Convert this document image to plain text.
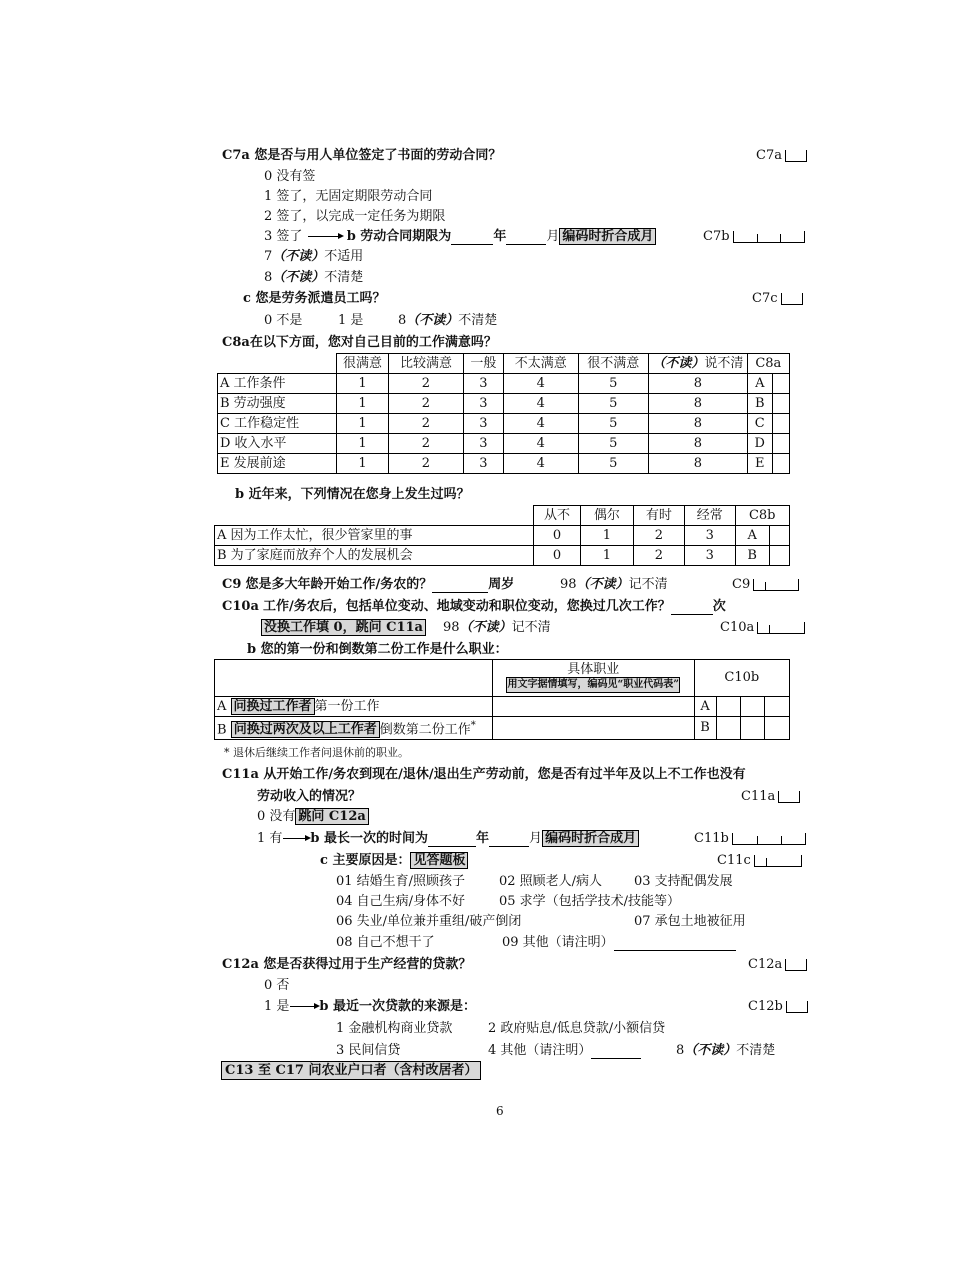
C7a 您是否与用人单位签定了书面的劳动合同？	C7a
0 没有签
1 签了，无固定期限劳动合同
2 签了，以完成一定任务为期限
3 签了	b 劳动合同期限为	年	月 编码时折合成月	C7b
7（不读）不适用
8（不读）不清楚
c 您是劳务派遣员工吗？	C7c
0 不是	1 是	8（不读）不清楚
C8a在以下方面，您对自己目前的工作满意吗？
	很满意	比较满意	一般	不太满意	很不满意	（不读）说不清	C8a	
A 工作条件	1	2	3	4	5	8	A	
B 劳动强度	1	2	3	4	5	8	B	
C 工作稳定性	1	2	3	4	5	8	C	
D 收入水平	1	2	3	4	5	8	D	
E 发展前途	1	2	3	4	5	8	E	
b 近年来，下列情况在您身上发生过吗？
	从不	偶尔	有时	经常	C8b	
A 因为工作太忙，很少管家里的事	0	1	2	3	A	
B 为了家庭而放弃个人的发展机会	0	1	2	3	B	
C9 您是多大年龄开始工作/务农的？	周岁	98（不读）记不清	C9
C10a 工作/务农后，包括单位变动、地域变动和职位变动，您换过几次工作？	次
没换工作填 0，跳问 C11a 98（不读）记不清	C10a
b 您的第一份和倒数第二份工作是什么职业：

	具体职业
用文字据情填写，编码见“职业代码表”	C10b			
A 问换过工作者 第一份工作		A			
B 问换过两次及以上工作者 倒数第二份工作*		B			
* 退休后继续工作者问退休前的职业。
C11a 从开始工作/务农到现在/退休/退出生产劳动前，您是否有过半年及以上不工作也没有
劳动收入的情况？	C11a
0 没有 跳问 C12a
1 有 b 最长一次的时间为	年	月 编码时折合成月	C11b
c 主要原因是： 见答题板	C11c
01 结婚生育/照顾孩子	02 照顾老人/病人 03 支持配偶发展
04 自己生病/身体不好	05 求学（包括学技术/技能等）
06 失业/单位兼并重组/破产倒闭	07 承包土地被征用
08 自己不想干了	09 其他（请注明）
C12a 您是否获得过用于生产经营的贷款？	C12a
0 否
1 是 b 最近一次贷款的来源是：	C12b
1 金融机构商业贷款	2 政府贴息/低息贷款/小额信贷
3 民间信贷	4 其他（请注明）	8（不读）不清楚
C13 至 C17 问农业户口者（含村改居者）
6
